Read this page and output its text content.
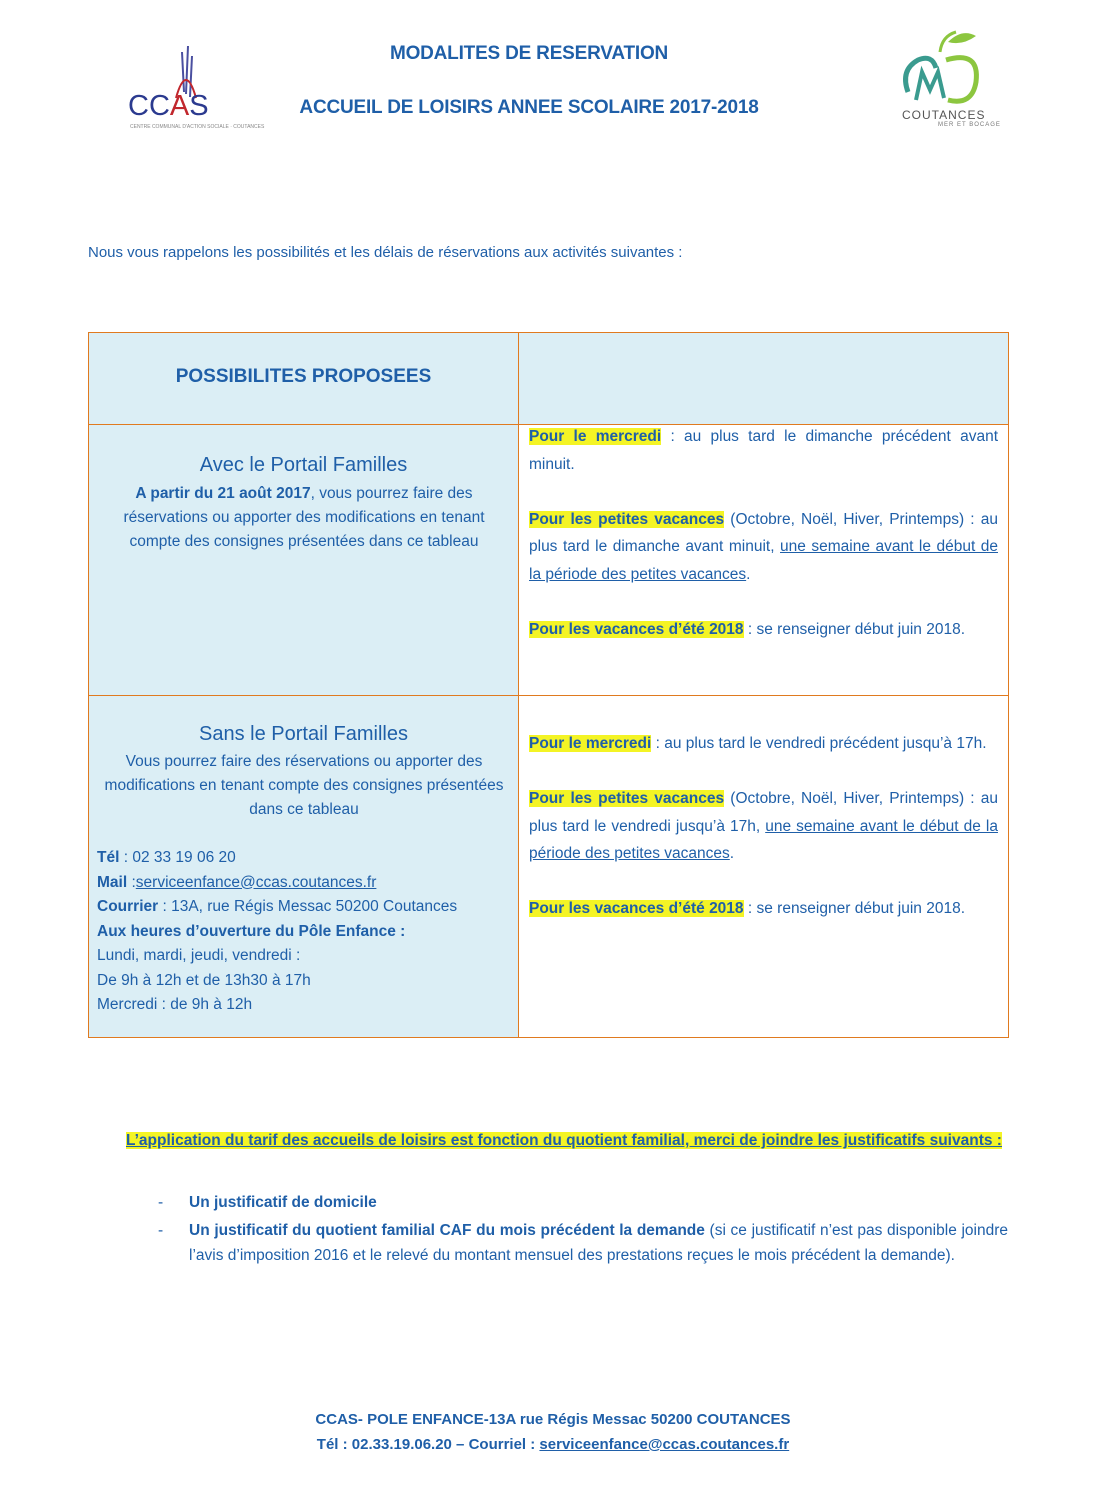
MODALITES DE RESERVATION
ACCUEIL DE LOISIRS ANNEE SCOLAIRE 2017-2018
CCAS
CENTRE COMMUNAL D'ACTION SOCIALE · COUTANCES
COUTANCES
MER ET BOCAGE
Nous vous rappelons les possibilités et les délais de réservations aux activités suivantes :
POSSIBILITES PROPOSEES
Avec le Portail Familles
A partir du 21 août 2017, vous pourrez faire des réservations ou apporter des modifications en tenant compte des consignes présentées dans ce tableau

Pour le mercredi : au plus tard le dimanche précédent avant minuit.

Pour les petites vacances (Octobre, Noël, Hiver, Printemps) : au plus tard le dimanche avant minuit, une semaine avant le début de la période des petites vacances.

Pour les vacances d’été 2018 : se renseigner début juin 2018.

Sans le Portail Familles
Vous pourrez faire des réservations ou apporter des modifications en tenant compte des consignes présentées dans ce tableau
Tél : 02 33 19 06 20
Mail :serviceenfance@ccas.coutances.fr
Courrier : 13A, rue Régis Messac 50200 Coutances
Aux heures d’ouverture du Pôle Enfance :
Lundi, mardi, jeudi, vendredi :
De 9h à 12h et de 13h30 à 17h
Mercredi : de 9h à 12h

Pour le mercredi : au plus tard le vendredi précédent jusqu’à 17h.

Pour les petites vacances (Octobre, Noël, Hiver, Printemps) : au plus tard le vendredi jusqu’à 17h, une semaine avant le début de la période des petites vacances.

Pour les vacances d’été 2018 : se renseigner début juin 2018.

L’application du tarif des accueils de loisirs est fonction du quotient familial, merci de joindre les justificatifs suivants :
- Un justificatif de domicile
- Un justificatif du quotient familial CAF du mois précédent la demande (si ce justificatif n’est pas disponible joindre l’avis d’imposition 2016 et le relevé du montant mensuel des prestations reçues le mois précédent la demande).
CCAS- POLE ENFANCE-13A rue Régis Messac 50200 COUTANCES
Tél : 02.33.19.06.20 – Courriel : serviceenfance@ccas.coutances.fr
